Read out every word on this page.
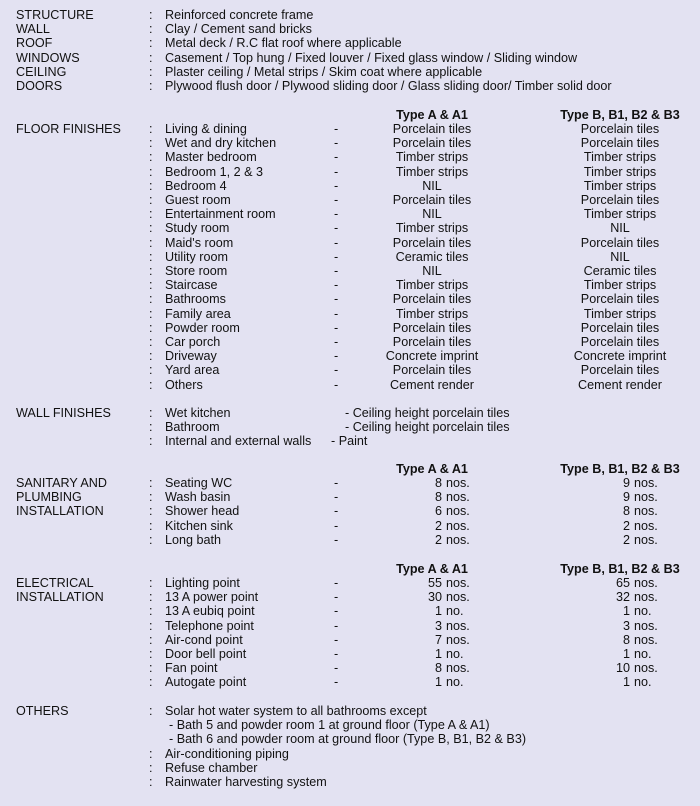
STRUCTURE	: Reinforced concrete frame
WALL	: Clay / Cement sand bricks
ROOF	: Metal deck / R.C flat roof where applicable
WINDOWS	: Casement / Top hung / Fixed louver / Fixed glass window / Sliding window
CEILING	: Plaster ceiling / Metal strips / Skim coat where applicable
DOORS	: Plywood flush door / Plywood sliding door / Glass sliding door/ Timber solid door
Type A & A1	Type B, B1, B2 & B3
FLOOR FINISHES : Living & dining	-	Porcelain tiles	Porcelain tiles
: Wet and dry kitchen	-	Porcelain tiles	Porcelain tiles
: Master bedroom	-	Timber strips	Timber strips
: Bedroom 1, 2 & 3	-	Timber strips	Timber strips
: Bedroom 4	-	NIL	Timber strips
: Guest room	-	Porcelain tiles	Porcelain tiles
: Entertainment room	-	NIL	Timber strips
: Study room	-	Timber strips	NIL
: Maid's room	-	Porcelain tiles	Porcelain tiles
: Utility room	-	Ceramic tiles	NIL
: Store room	-	NIL	Ceramic tiles
: Staircase	-	Timber strips	Timber strips
: Bathrooms	-	Porcelain tiles	Porcelain tiles
: Family area	-	Timber strips	Timber strips
: Powder room	-	Porcelain tiles	Porcelain tiles
: Car porch	-	Porcelain tiles	Porcelain tiles
: Driveway	-	Concrete imprint	Concrete imprint
: Yard area	-	Porcelain tiles	Porcelain tiles
: Others	-	Cement render	Cement render
WALL FINISHES	: Wet kitchen	- Ceiling height porcelain tiles
: Bathroom	- Ceiling height porcelain tiles
: Internal and external walls - Paint
Type A & A1	Type B, B1, B2 & B3
SANITARY AND
PLUMBING
INSTALLATION
: Seating WC	-	8 nos.	9 nos.
: Wash basin	-	8 nos.	9 nos.
: Shower head	-	6 nos.	8 nos.
: Kitchen sink	-	2 nos.	2 nos.
: Long bath	-	2 nos.	2 nos.
Type A & A1	Type B, B1, B2 & B3
ELECTRICAL
INSTALLATION
: Lighting point	-	55 nos.	65 nos.
: 13 A power point	-	30 nos.	32 nos.
: 13 A eubiq point	-	1 no.	1 no.
: Telephone point	-	3 nos.	3 nos.
: Air-cond point	-	7 nos.	8 nos.
: Door bell point	-	1 no.	1 no.
: Fan point	-	8 nos.	10 nos.
: Autogate point	-	1 no.	1 no.
OTHERS	: Solar hot water system to all bathrooms except
- Bath 5 and powder room 1 at ground floor (Type A & A1)
- Bath 6 and powder room at ground floor (Type B, B1, B2 & B3)
: Air-conditioning piping
: Refuse chamber
: Rainwater harvesting system
